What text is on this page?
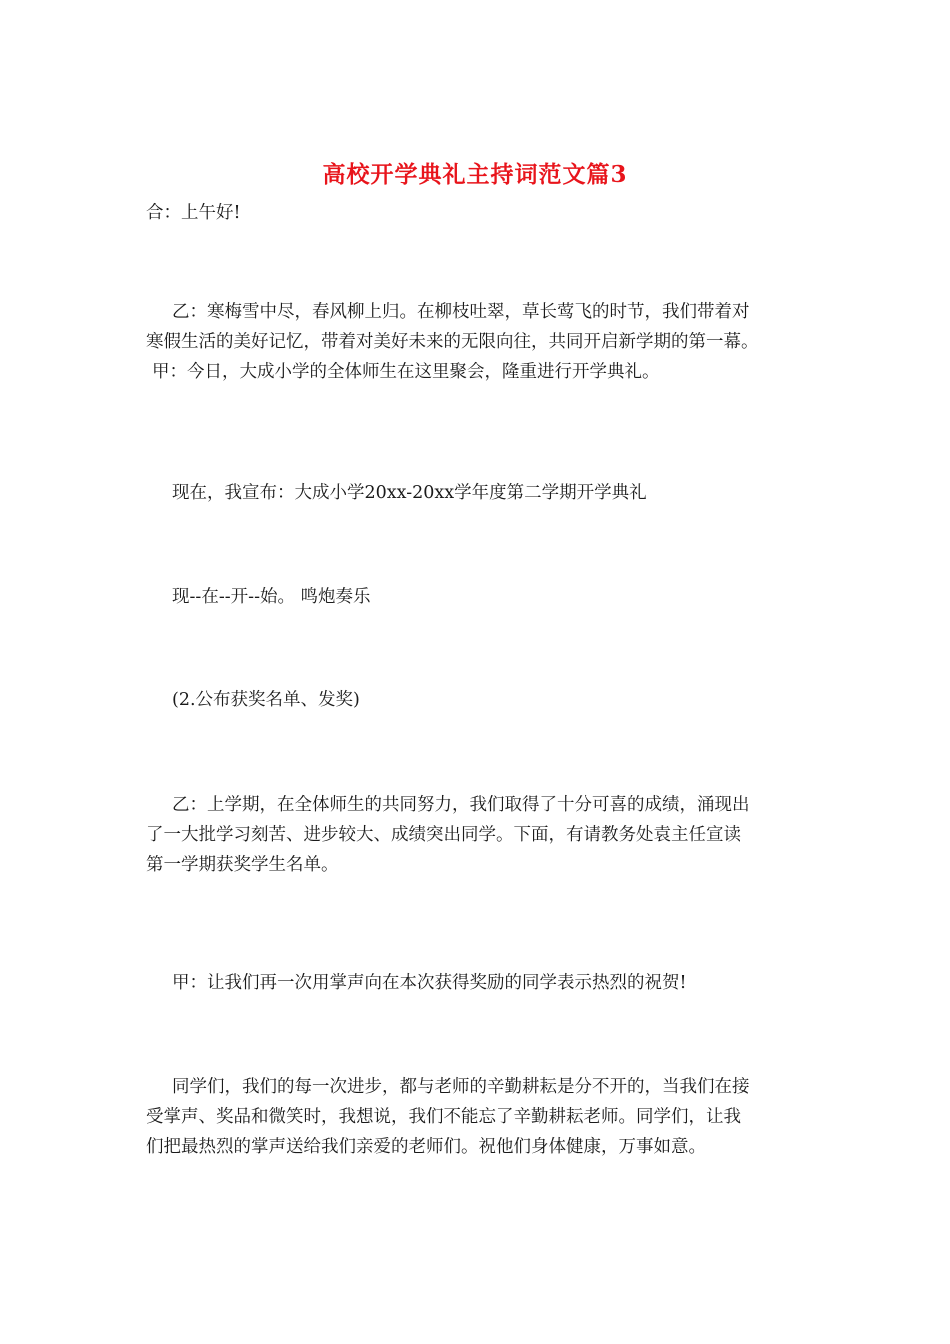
高校开学典礼主持词范文篇3
合：上午好!
乙：寒梅雪中尽，春风柳上归。在柳枝吐翠，草长莺飞的时节，我们带着对
寒假生活的美好记忆，带着对美好未来的无限向往，共同开启新学期的第一幕。
甲：今日，大成小学的全体师生在这里聚会，隆重进行开学典礼。
现在，我宣布：大成小学20xx-20xx学年度第二学期开学典礼
现--在--开--始。 鸣炮奏乐
(2.公布获奖名单、发奖)
乙：上学期，在全体师生的共同努力，我们取得了十分可喜的成绩，涌现出
了一大批学习刻苦、进步较大、成绩突出同学。下面，有请教务处袁主任宣读
第一学期获奖学生名单。
甲：让我们再一次用掌声向在本次获得奖励的同学表示热烈的祝贺!
同学们，我们的每一次进步，都与老师的辛勤耕耘是分不开的，当我们在接
受掌声、奖品和微笑时，我想说，我们不能忘了辛勤耕耘老师。同学们，让我
们把最热烈的掌声送给我们亲爱的老师们。祝他们身体健康，万事如意。
